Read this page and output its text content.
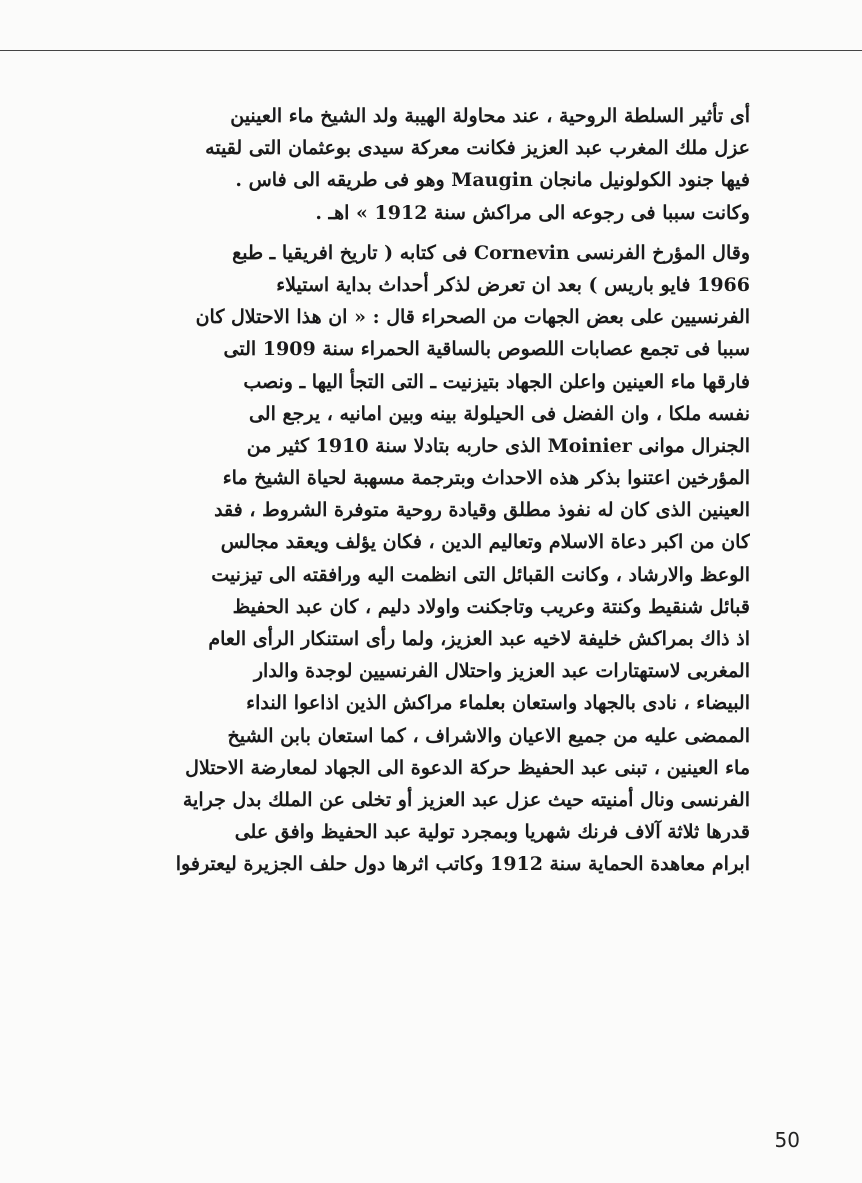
أى تأثير السلطة الروحية ، عند محاولة الهيبة ولد الشيخ ماء العينين
عزل ملك المغرب عبد العزيز فكانت معركة سيدى بوعثمان التى لقيته
فيها جنود الكولونيل مانجان Maugin وهو فى طريقه الى فاس .
وكانت سببا فى رجوعه الى مراكش سنة 1912 » اهـ .

وقال المؤرخ الفرنسى Cornevin فى كتابه ( تاريخ افريقيا ـ طبع
1966 فايو باريس ) بعد ان تعرض لذكر أحداث بداية استيلاء
الفرنسيين على بعض الجهات من الصحراء قال : « ان هذا الاحتلال كان
سببا فى تجمع عصابات اللصوص بالساقية الحمراء سنة 1909 التى
فارقها ماء العينين واعلن الجهاد بتيزنيت ـ التى التجأ اليها ـ ونصب
نفسه ملكا ، وان الفضل فى الحيلولة بينه وبين امانيه ، يرجع الى
الجنرال موانى Moinier الذى حاربه بتادلا سنة 1910 كثير من
المؤرخين اعتنوا بذكر هذه الاحداث وبترجمة مسهبة لحياة الشيخ ماء
العينين الذى كان له نفوذ مطلق وقيادة روحية متوفرة الشروط ، فقد
كان من اكبر دعاة الاسلام وتعاليم الدين ، فكان يؤلف ويعقد مجالس
الوعظ والارشاد ، وكانت القبائل التى انظمت اليه ورافقته الى تيزنيت
قبائل شنقيط وكنتة وعريب وتاجكنت واولاد دليم ، كان عبد الحفيظ
اذ ذاك بمراكش خليفة لاخيه عبد العزيز، ولما رأى استنكار الرأى العام
المغربى لاستهتارات عبد العزيز واحتلال الفرنسيين لوجدة والدار
البيضاء ، نادى بالجهاد واستعان بعلماء مراكش الذين اذاعوا النداء
الممضى عليه من جميع الاعيان والاشراف ، كما استعان بابن الشيخ
ماء العينين ، تبنى عبد الحفيظ حركة الدعوة الى الجهاد لمعارضة الاحتلال
الفرنسى ونال أمنيته حيث عزل عبد العزيز أو تخلى عن الملك بدل جراية
قدرها ثلاثة آلاف فرنك شهريا وبمجرد تولية عبد الحفيظ وافق على
ابرام معاهدة الحماية سنة 1912 وكاتب اثرها دول حلف الجزيرة ليعترفوا

50
